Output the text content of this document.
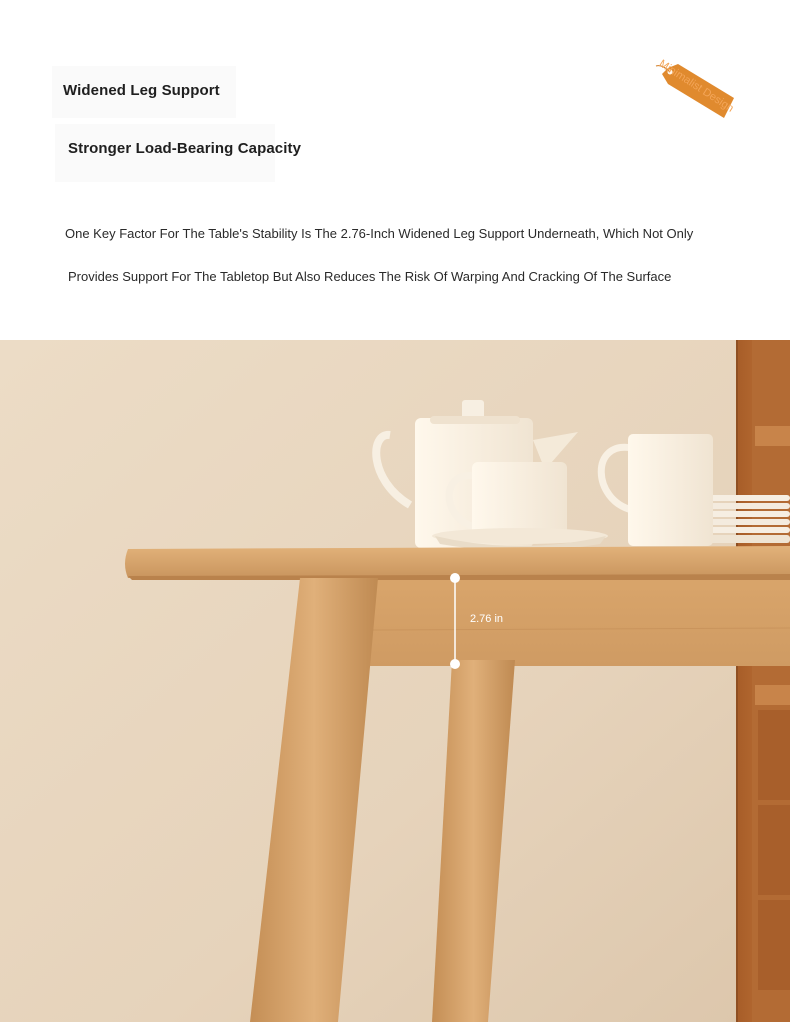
Widened Leg Support
Stronger Load-Bearing Capacity
Minimalist Design
One Key Factor For The Table's Stability Is The 2.76-Inch Widened Leg Support Underneath, Which Not Only
Provides Support For The Tabletop But Also Reduces The Risk Of Warping And Cracking Of The Surface
2.76 in
